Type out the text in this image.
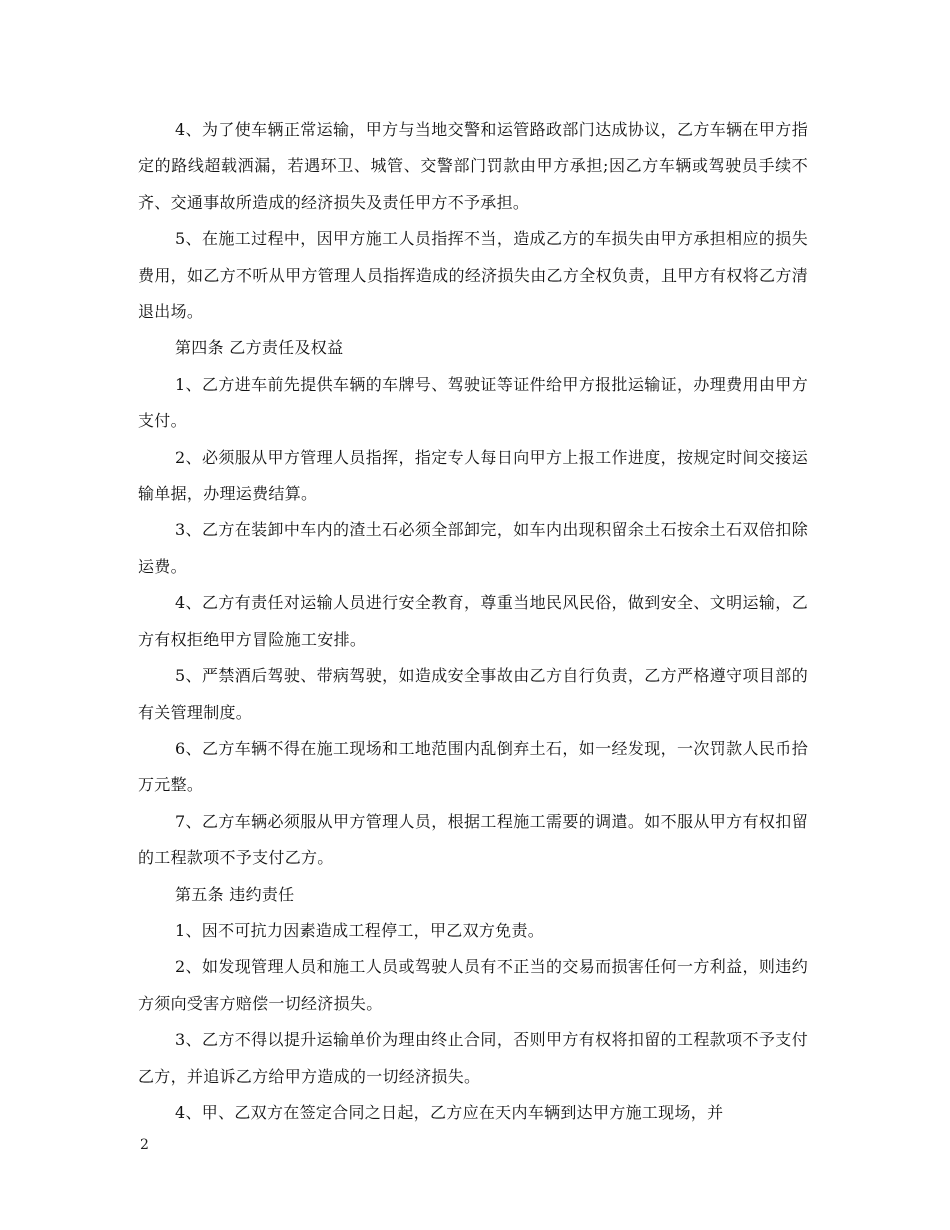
4、为了使车辆正常运输，甲方与当地交警和运管路政部门达成协议，乙方车辆在甲方指定的路线超载洒漏，若遇环卫、城管、交警部门罚款由甲方承担;因乙方车辆或驾驶员手续不齐、交通事故所造成的经济损失及责任甲方不予承担。

5、在施工过程中，因甲方施工人员指挥不当，造成乙方的车损失由甲方承担相应的损失费用，如乙方不听从甲方管理人员指挥造成的经济损失由乙方全权负责，且甲方有权将乙方清退出场。

第四条 乙方责任及权益

1、乙方进车前先提供车辆的车牌号、驾驶证等证件给甲方报批运输证，办理费用由甲方支付。

2、必须服从甲方管理人员指挥，指定专人每日向甲方上报工作进度，按规定时间交接运输单据，办理运费结算。

3、乙方在装卸中车内的渣土石必须全部卸完，如车内出现积留余土石按余土石双倍扣除运费。

4、乙方有责任对运输人员进行安全教育，尊重当地民风民俗，做到安全、文明运输，乙方有权拒绝甲方冒险施工安排。

5、严禁酒后驾驶、带病驾驶，如造成安全事故由乙方自行负责，乙方严格遵守项目部的有关管理制度。

6、乙方车辆不得在施工现场和工地范围内乱倒弃土石，如一经发现，一次罚款人民币拾万元整。

7、乙方车辆必须服从甲方管理人员，根据工程施工需要的调遣。如不服从甲方有权扣留的工程款项不予支付乙方。

第五条 违约责任

1、因不可抗力因素造成工程停工，甲乙双方免责。

2、如发现管理人员和施工人员或驾驶人员有不正当的交易而损害任何一方利益，则违约方须向受害方赔偿一切经济损失。

3、乙方不得以提升运输单价为理由终止合同，否则甲方有权将扣留的工程款项不予支付乙方，并追诉乙方给甲方造成的一切经济损失。

4、甲、乙双方在签定合同之日起，乙方应在天内车辆到达甲方施工现场，并

2
